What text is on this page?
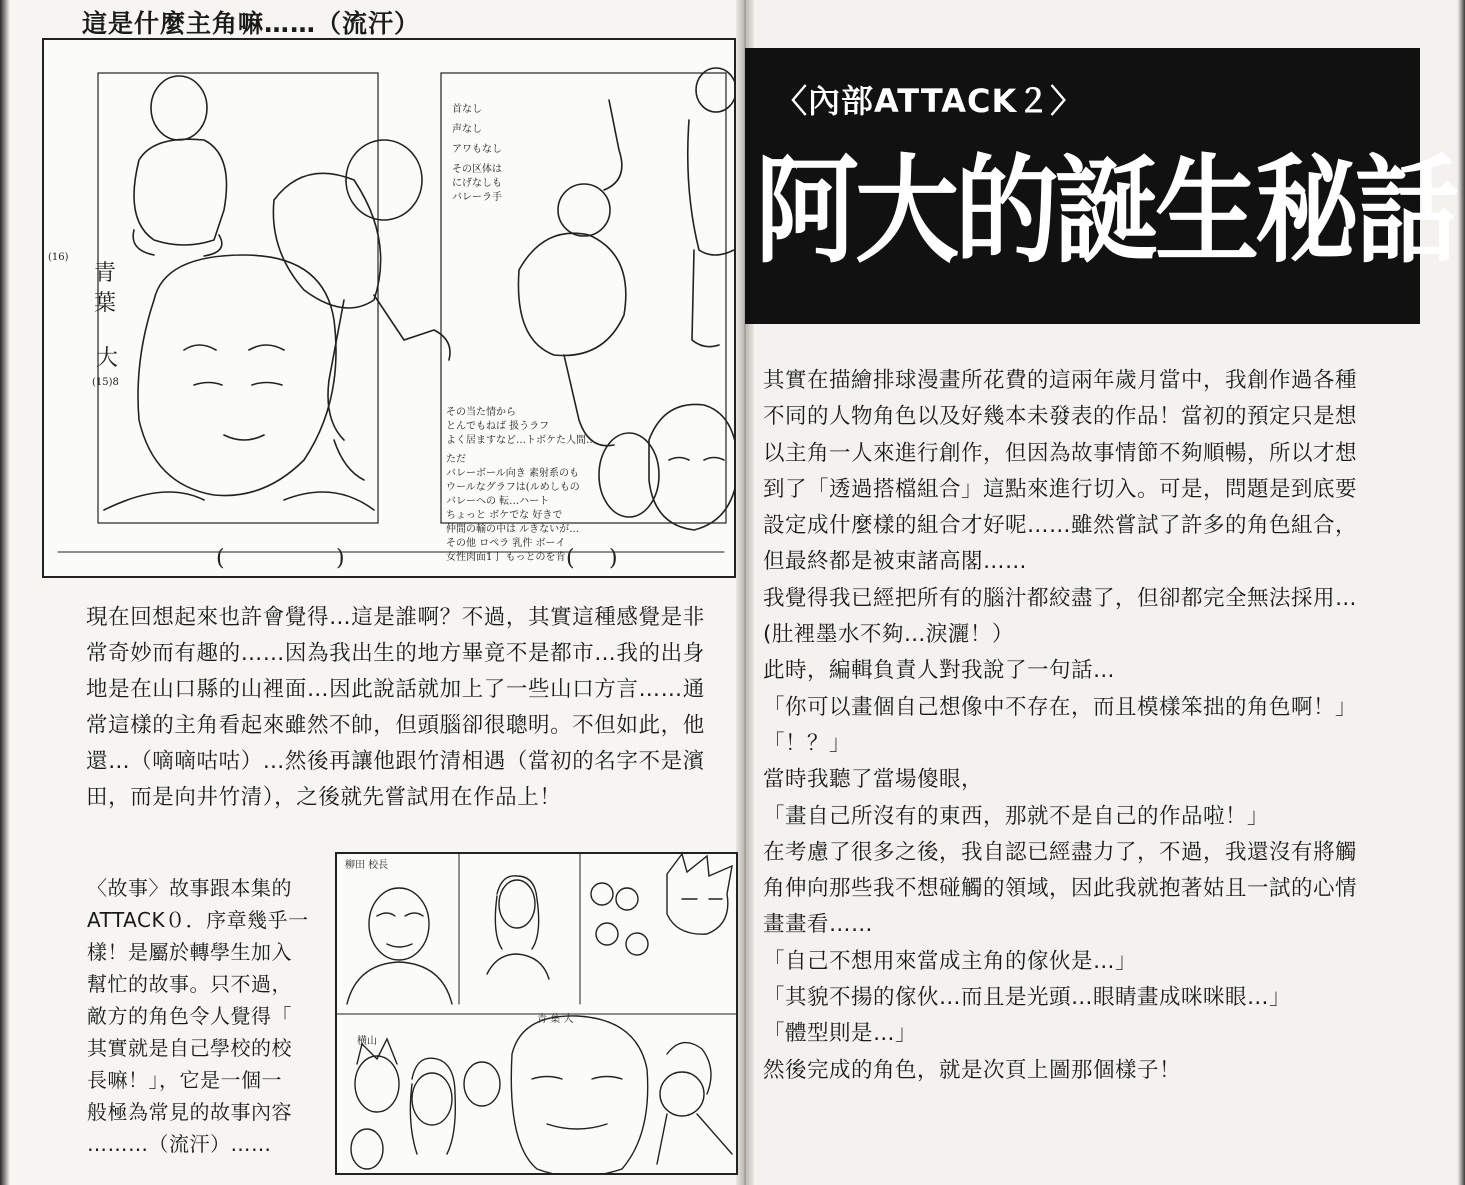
這是什麼主角嘛……（流汗）
首なし
声なし
アワもなし
その区体は
にげなしも
バレーラ手
その当た情から
とんでもねば 扱うラフ
よく居ますなど…トボケた人間…
ただ
バレーボール向き 素射系のも
ウールなグラフは(ルめしもの
バレーへの 転…ハート
ちょっと ボケでな 好きで
仲間の輸の中は ルきないが…
その他 ロペラ 乳件 ボーイ
女性肉面1丁 もっとのを肯
(16)
(15)8
青
葉
大
(	)	( )

現在回想起來也許會覺得…這是誰啊？不過，其實這種感覺是非

常奇妙而有趣的……因為我出生的地方畢竟不是都市…我的出身

地是在山口縣的山裡面…因此說話就加上了一些山口方言……通

常這樣的主角看起來雖然不帥，但頭腦卻很聰明。不但如此，他

還…（嘀嘀咕咕）…然後再讓他跟竹清相遇（當初的名字不是濱

田，而是向井竹清），之後就先嘗試用在作品上！

〈故事〉故事跟本集的

ATTACK０．序章幾乎一

樣！是屬於轉學生加入

幫忙的故事。只不過，

敵方的角色令人覺得「

其實就是自己學校的校

長嘛！」，它是一個一

般極為常見的故事內容

………（流汗）……

柳田 校長
青 葉 大
横山
〈內部ATTACK２〉
阿大的誕生秘話

其實在描繪排球漫畫所花費的這兩年歲月當中，我創作過各種

不同的人物角色以及好幾本未發表的作品！當初的預定只是想

以主角一人來進行創作，但因為故事情節不夠順暢，所以才想

到了「透過搭檔組合」這點來進行切入。可是，問題是到底要

設定成什麼樣的組合才好呢……雖然嘗試了許多的角色組合，

但最終都是被束諸高閣……

我覺得我已經把所有的腦汁都絞盡了，但卻都完全無法採用…

(肚裡墨水不夠…淚灑！）

此時，編輯負責人對我說了一句話…

「你可以畫個自己想像中不存在，而且模樣笨拙的角色啊！」

「！？」

當時我聽了當場傻眼，

「畫自己所沒有的東西，那就不是自己的作品啦！」

在考慮了很多之後，我自認已經盡力了，不過，我還沒有將觸

角伸向那些我不想碰觸的領域，因此我就抱著姑且一試的心情

畫畫看……

「自己不想用來當成主角的傢伙是…」

「其貌不揚的傢伙…而且是光頭…眼睛畫成咪咪眼…」

「體型則是…」

然後完成的角色，就是次頁上圖那個樣子！
